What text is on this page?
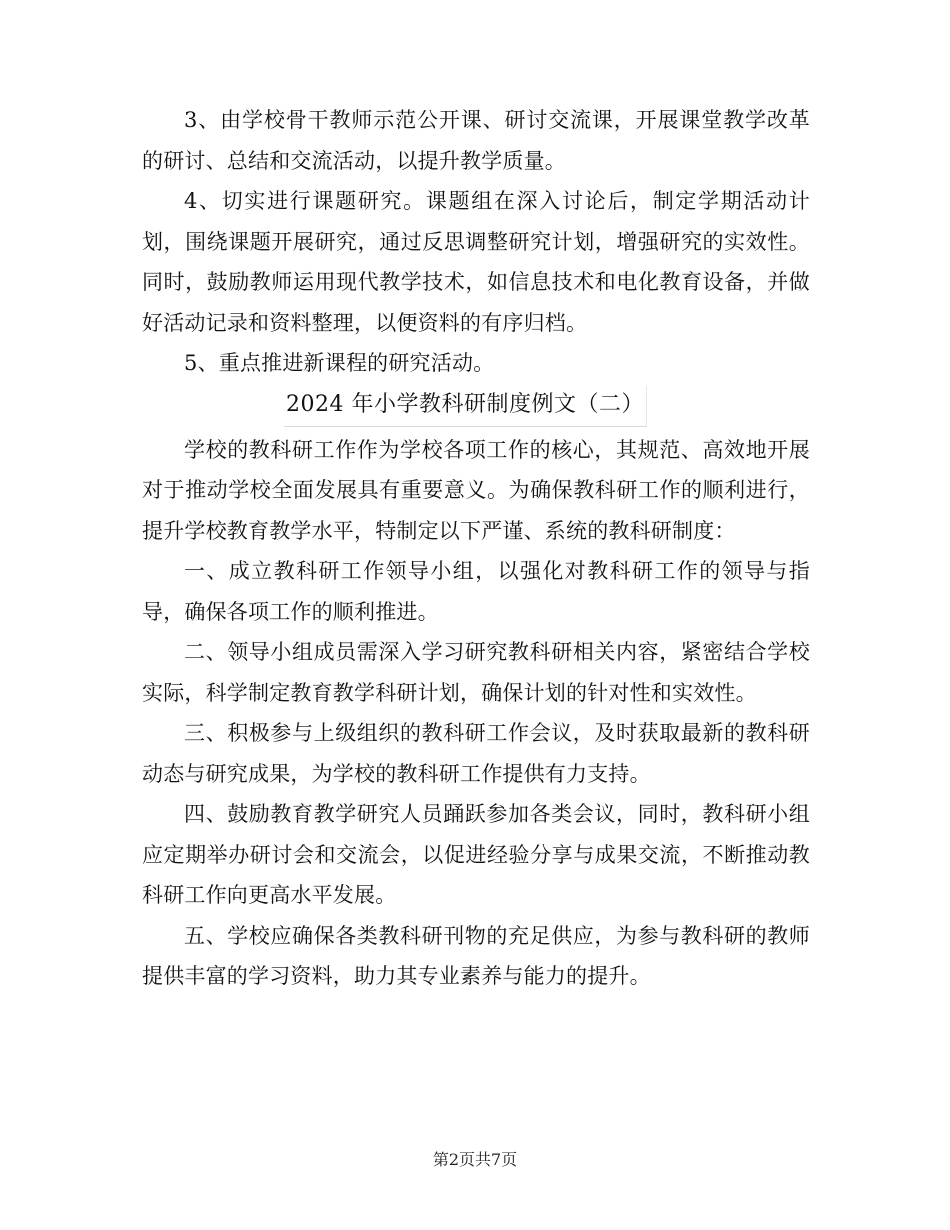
3、由学校骨干教师示范公开课、研讨交流课，开展课堂教学改革的研讨、总结和交流活动，以提升教学质量。

4、切实进行课题研究。课题组在深入讨论后，制定学期活动计划，围绕课题开展研究，通过反思调整研究计划，增强研究的实效性。同时，鼓励教师运用现代教学技术，如信息技术和电化教育设备，并做好活动记录和资料整理，以便资料的有序归档。

5、重点推进新课程的研究活动。

2024 年小学教科研制度例文（二）

学校的教科研工作作为学校各项工作的核心，其规范、高效地开展对于推动学校全面发展具有重要意义。为确保教科研工作的顺利进行，提升学校教育教学水平，特制定以下严谨、系统的教科研制度：

一、成立教科研工作领导小组，以强化对教科研工作的领导与指导，确保各项工作的顺利推进。

二、领导小组成员需深入学习研究教科研相关内容，紧密结合学校实际，科学制定教育教学科研计划，确保计划的针对性和实效性。

三、积极参与上级组织的教科研工作会议，及时获取最新的教科研动态与研究成果，为学校的教科研工作提供有力支持。

四、鼓励教育教学研究人员踊跃参加各类会议，同时，教科研小组应定期举办研讨会和交流会，以促进经验分享与成果交流，不断推动教科研工作向更高水平发展。

五、学校应确保各类教科研刊物的充足供应，为参与教科研的教师提供丰富的学习资料，助力其专业素养与能力的提升。

第2页共7页
